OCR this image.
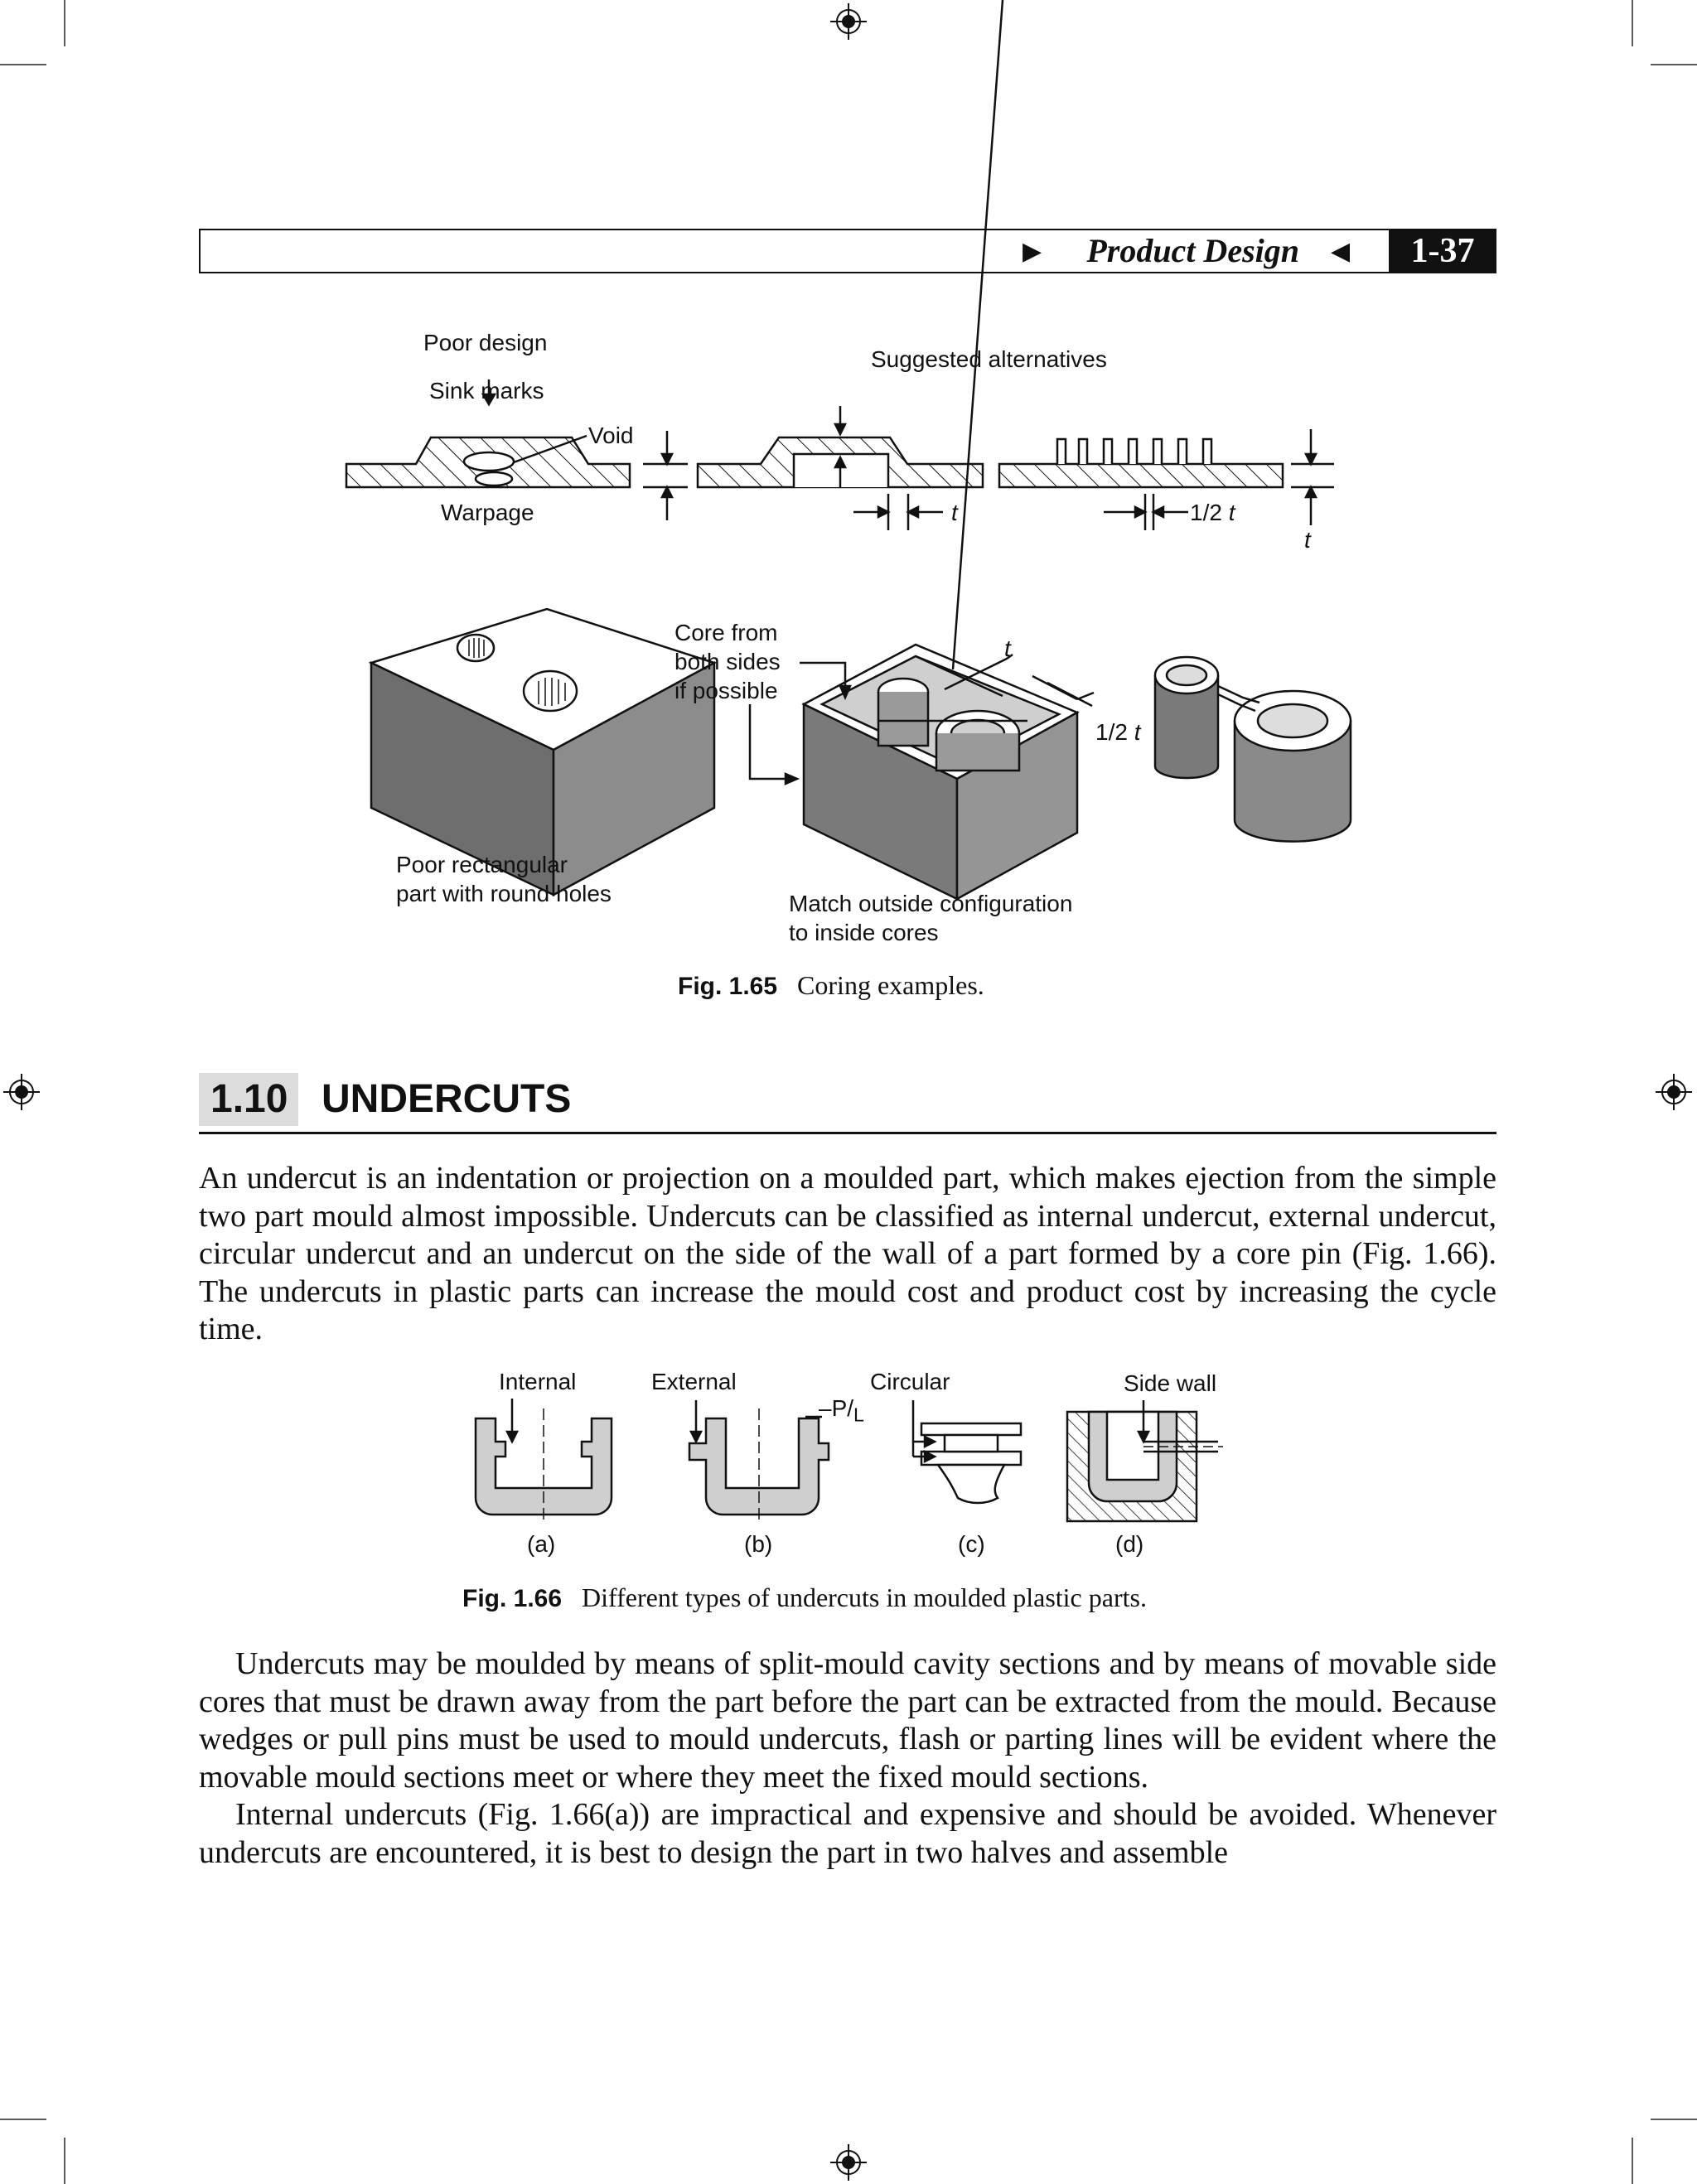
▶ Product Design ◀	1-37
Poor design
Sink marks
Void
Warpage
Suggested alternatives
t	1/2 t
t
Core from
both sides
if possible
t
1/2 t
Poor rectangular
part with round holes	Match outside configuration
to inside cores
Fig. 1.65 Coring examples.
1.10 UNDERCUTS

An undercut is an indentation or projection on a moulded part, which makes ejection from the simple two part mould almost impossible. Undercuts can be classified as internal undercut, external undercut, circular undercut and an undercut on the side of the wall of a part formed by a core pin (Fig. 1.66). The undercuts in plastic parts can increase the mould cost and product cost by increasing the cycle time.

Internal	External
$-P/_L$
Circular	Side wall
(a)	(b)	(c)	(d)
Fig. 1.66 Different types of undercuts in moulded plastic parts.

Undercuts may be moulded by means of split-mould cavity sections and by means of movable side cores that must be drawn away from the part before the part can be extracted from the mould. Because wedges or pull pins must be used to mould undercuts, flash or parting lines will be evident where the movable mould sections meet or where they meet the fixed mould sections.

Internal undercuts (Fig. 1.66(a)) are impractical and expensive and should be avoided. Whenever undercuts are encountered, it is best to design the part in two halves and assemble
